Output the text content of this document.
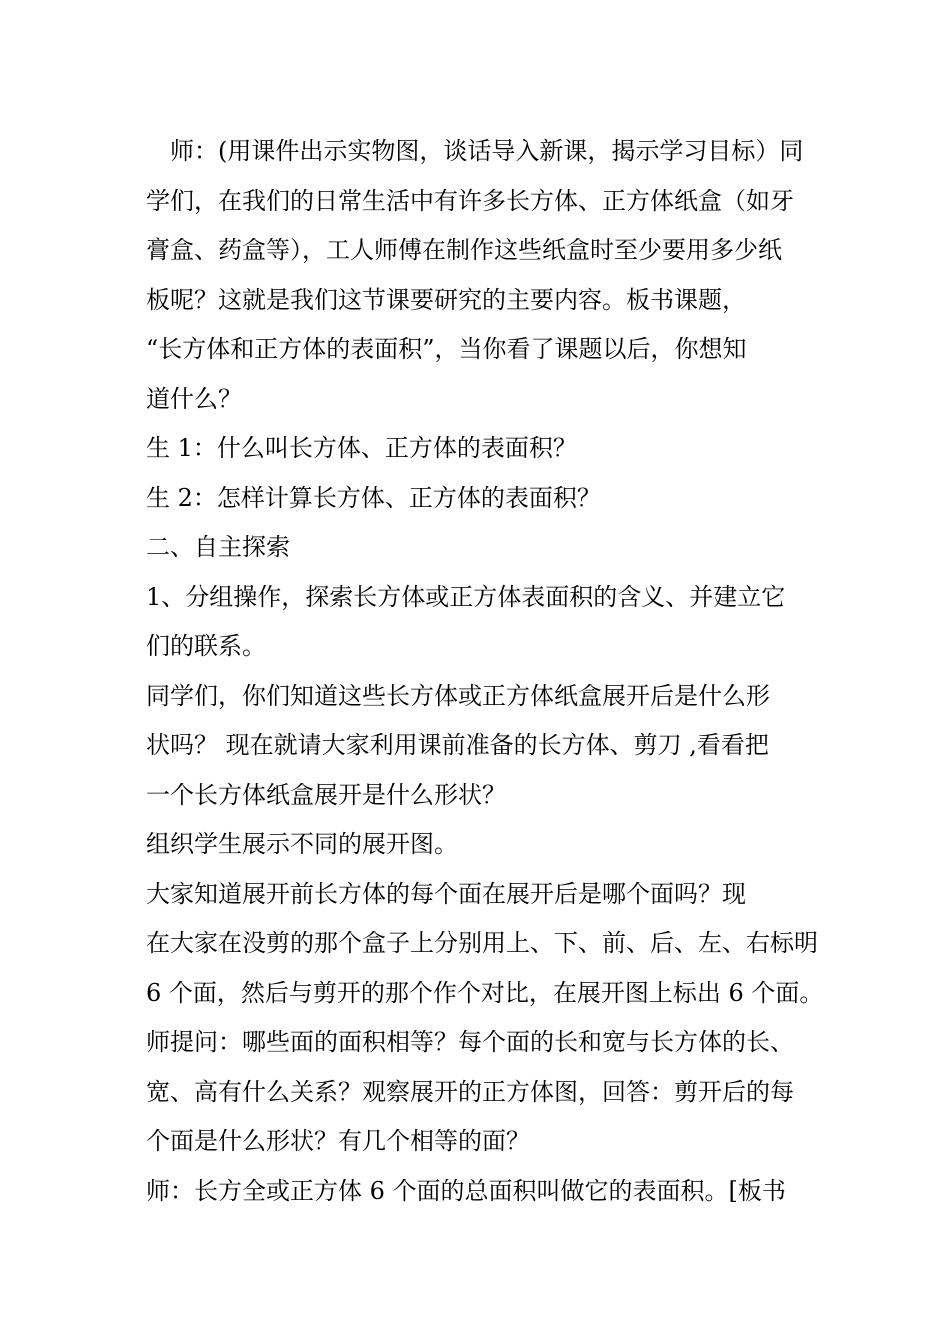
　师：(用课件出示实物图，谈话导入新课，揭示学习目标）同
学们，在我们的日常生活中有许多长方体、正方体纸盒（如牙
膏盒、药盒等），工人师傅在制作这些纸盒时至少要用多少纸
板呢？这就是我们这节课要研究的主要内容。板书课题，
“长方体和正方体的表面积”，当你看了课题以后，你想知
道什么？
生 1：什么叫长方体、正方体的表面积？
生 2：怎样计算长方体、正方体的表面积？
二、自主探索
1、分组操作，探索长方体或正方体表面积的含义、并建立它
们的联系。
同学们，你们知道这些长方体或正方体纸盒展开后是什么形
状吗？ 现在就请大家利用课前准备的长方体、剪刀 ,看看把
一个长方体纸盒展开是什么形状？
组织学生展示不同的展开图。
大家知道展开前长方体的每个面在展开后是哪个面吗？现
在大家在没剪的那个盒子上分别用上、下、前、后、左、右标明
6 个面，然后与剪开的那个作个对比，在展开图上标出 6 个面。
师提问：哪些面的面积相等？每个面的长和宽与长方体的长、
宽、高有什么关系？观察展开的正方体图，回答：剪开后的每
个面是什么形状？有几个相等的面？
师：长方全或正方体 6 个面的总面积叫做它的表面积。[板书
